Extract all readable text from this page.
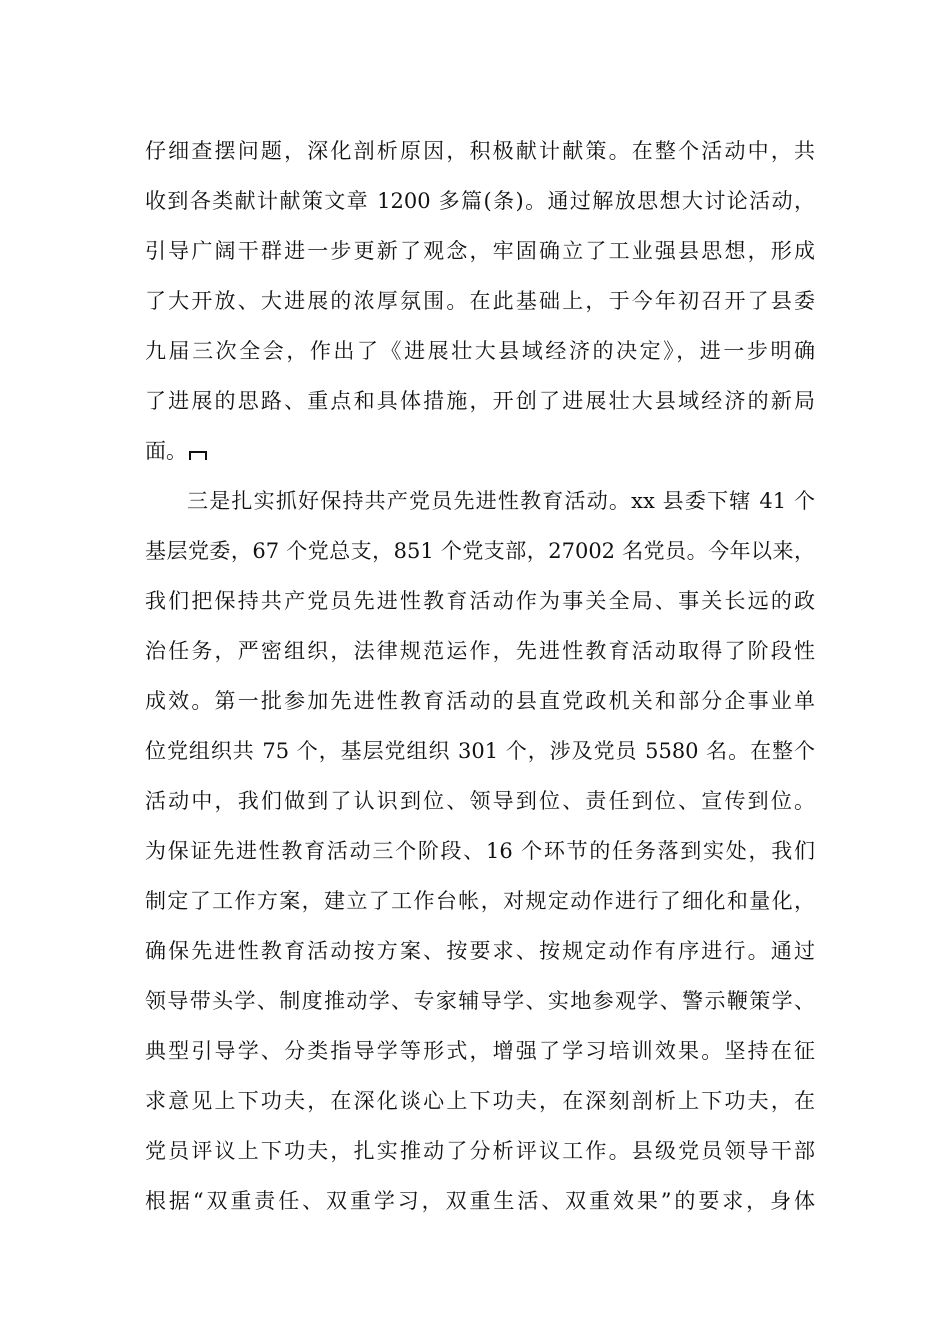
仔细查摆问题，深化剖析原因，积极献计献策。在整个活动中，共
收到各类献计献策文章 1200 多篇(条)。通过解放思想大讨论活动，
引导广阔干群进一步更新了观念，牢固确立了工业强县思想，形成
了大开放、大进展的浓厚氛围。在此基础上，于今年初召开了县委
九届三次全会，作出了《进展壮大县域经济的决定》，进一步明确
了进展的思路、重点和具体措施，开创了进展壮大县域经济的新局
面。
三是扎实抓好保持共产党员先进性教育活动。xx 县委下辖 41 个
基层党委，67 个党总支，851 个党支部，27002 名党员。今年以来，
我们把保持共产党员先进性教育活动作为事关全局、事关长远的政
治任务，严密组织，法律规范运作，先进性教育活动取得了阶段性
成效。第一批参加先进性教育活动的县直党政机关和部分企事业单
位党组织共 75 个，基层党组织 301 个，涉及党员 5580 名。在整个
活动中，我们做到了认识到位、领导到位、责任到位、宣传到位。
为保证先进性教育活动三个阶段、16 个环节的任务落到实处，我们
制定了工作方案，建立了工作台帐，对规定动作进行了细化和量化，
确保先进性教育活动按方案、按要求、按规定动作有序进行。通过
领导带头学、制度推动学、专家辅导学、实地参观学、警示鞭策学、
典型引导学、分类指导学等形式，增强了学习培训效果。坚持在征
求意见上下功夫，在深化谈心上下功夫，在深刻剖析上下功夫，在
党员评议上下功夫，扎实推动了分析评议工作。县级党员领导干部
根据“双重责任、双重学习，双重生活、双重效果”的要求，身体
